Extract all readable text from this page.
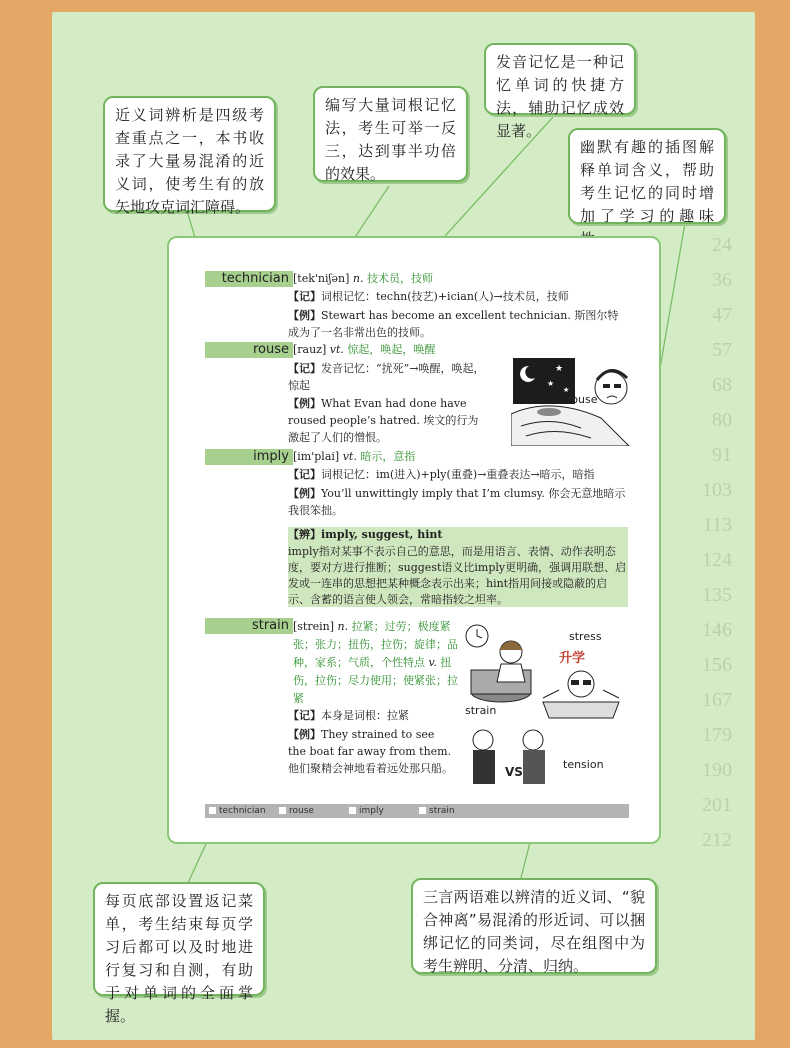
24
36
47
57
68
80
91
103
113
124
135
146
156
167
179
190
201
212
近义词辨析是四级考查重点之一，本书收录了大量易混淆的近义词，使考生有的放矢地攻克词汇障碍。
编写大量词根记忆法，考生可举一反三，达到事半功倍的效果。
发音记忆是一种记忆单词的快捷方法，辅助记忆成效显著。
幽默有趣的插图解释单词含义，帮助考生记忆的同时增加了学习的趣味
每页底部设置返记菜单，考生结束每页学习后都可以及时地进行复习和自测，有助于对单词的全面掌握。
三言两语难以辨清的近义词、“貌合神离”易混淆的形近词、可以捆绑记忆的同类词，尽在组图中为考生辨明、分清、归纳。
technician [tek'niʃən] n. 技术员，技师
【记】词根记忆：techn(技艺)+ician(人)→技术员，技师
【例】Stewart has become an excellent technician. 斯图尔特成为了一名非常出色的技师。
rouse [rauz] vt. 惊起，唤起，唤醒
【记】发音记忆：“扰死”→唤醒，唤起，惊起
【例】What Evan had done have roused people’s hatred. 埃文的行为激起了人们的憎恨。
★
★
★
rouse
imply [im'plai] vt. 暗示，意指
【记】词根记忆：im(进入)+ply(重叠)→重叠表达→暗示，暗指
【例】You’ll unwittingly imply that I’m clumsy. 你会无意地暗示我很笨拙。
【辨】imply, suggest, hint
imply指对某事不表示自己的意思，而是用语言、表情、动作表明态度，要对方进行推断；suggest语义比imply更明确，强调用联想、启发或一连串的思想把某种概念表示出来；hint指用间接或隐蔽的启示、含蓄的语言使人领会，常暗指较之坦率。
strain [strein] n. 拉紧；过劳；极度紧张；张力；扭伤，拉伤；旋律；品种，家系；气质，个性特点 v. 扭伤，拉伤；尽力使用；使紧张；拉紧
【记】本身是词根：拉紧
【例】They strained to see the boat far away from them. 他们聚精会神地看着远处那只船。
strain
stress
升学
VS
tension
technician	rouse	imply	strain
